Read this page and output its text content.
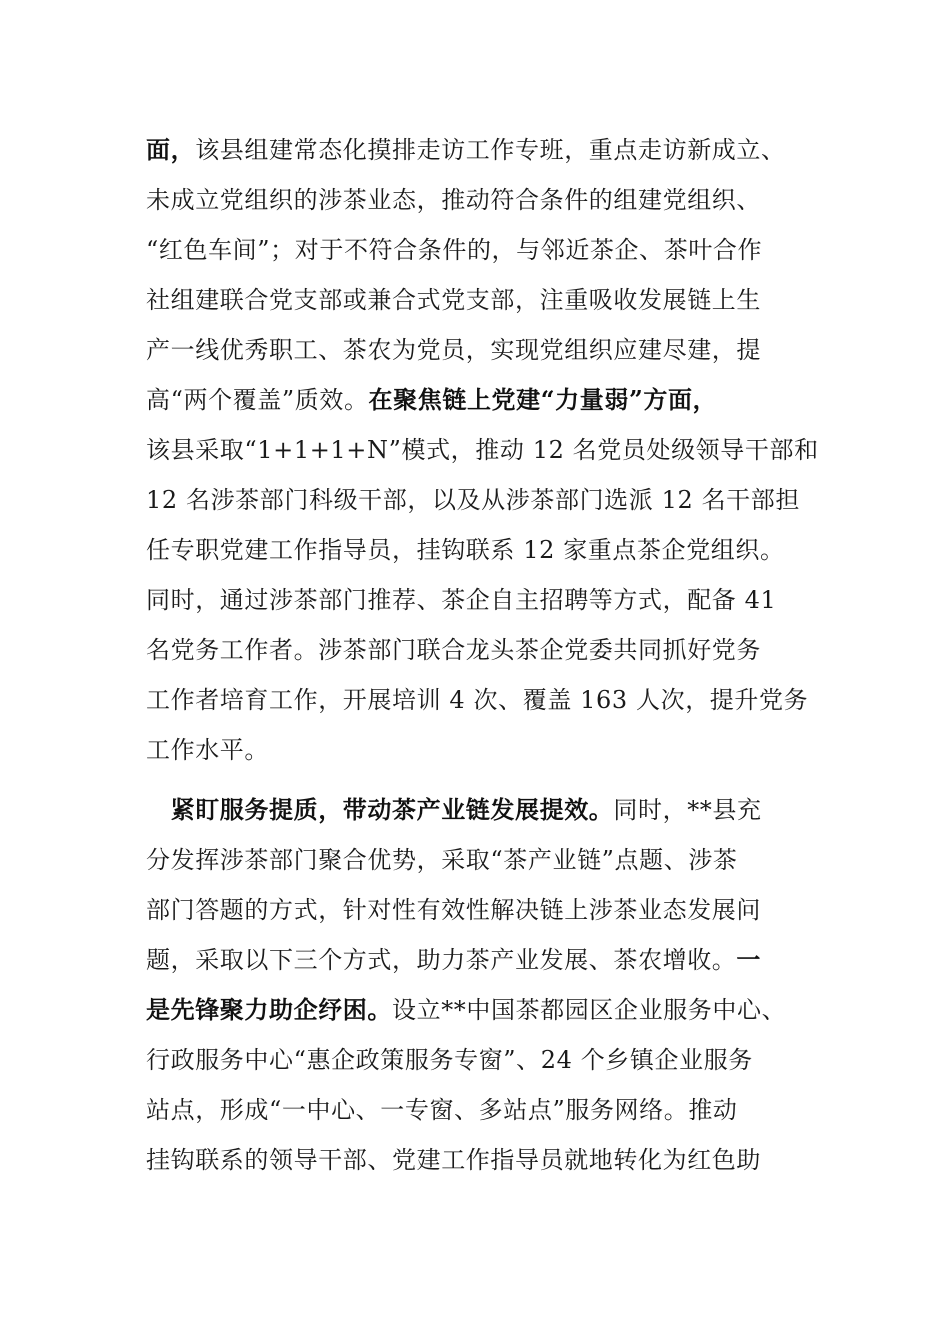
面，该县组建常态化摸排走访工作专班，重点走访新成立、
未成立党组织的涉茶业态，推动符合条件的组建党组织、
“红色车间”；对于不符合条件的，与邻近茶企、茶叶合作
社组建联合党支部或兼合式党支部，注重吸收发展链上生
产一线优秀职工、茶农为党员，实现党组织应建尽建，提
高“两个覆盖”质效。在聚焦链上党建“力量弱”方面，
该县采取“1+1+1+N”模式，推动 12 名党员处级领导干部和
12 名涉茶部门科级干部，以及从涉茶部门选派 12 名干部担
任专职党建工作指导员，挂钩联系 12 家重点茶企党组织。
同时，通过涉茶部门推荐、茶企自主招聘等方式，配备 41
名党务工作者。涉茶部门联合龙头茶企党委共同抓好党务
工作者培育工作，开展培训 4 次、覆盖 163 人次，提升党务
工作水平。
　紧盯服务提质，带动茶产业链发展提效。同时，**县充
分发挥涉茶部门聚合优势，采取“茶产业链”点题、涉茶
部门答题的方式，针对性有效性解决链上涉茶业态发展问
题，采取以下三个方式，助力茶产业发展、茶农增收。一
是先锋聚力助企纾困。设立**中国茶都园区企业服务中心、
行政服务中心“惠企政策服务专窗”、24 个乡镇企业服务
站点，形成“一中心、一专窗、多站点”服务网络。推动
挂钩联系的领导干部、党建工作指导员就地转化为红色助
